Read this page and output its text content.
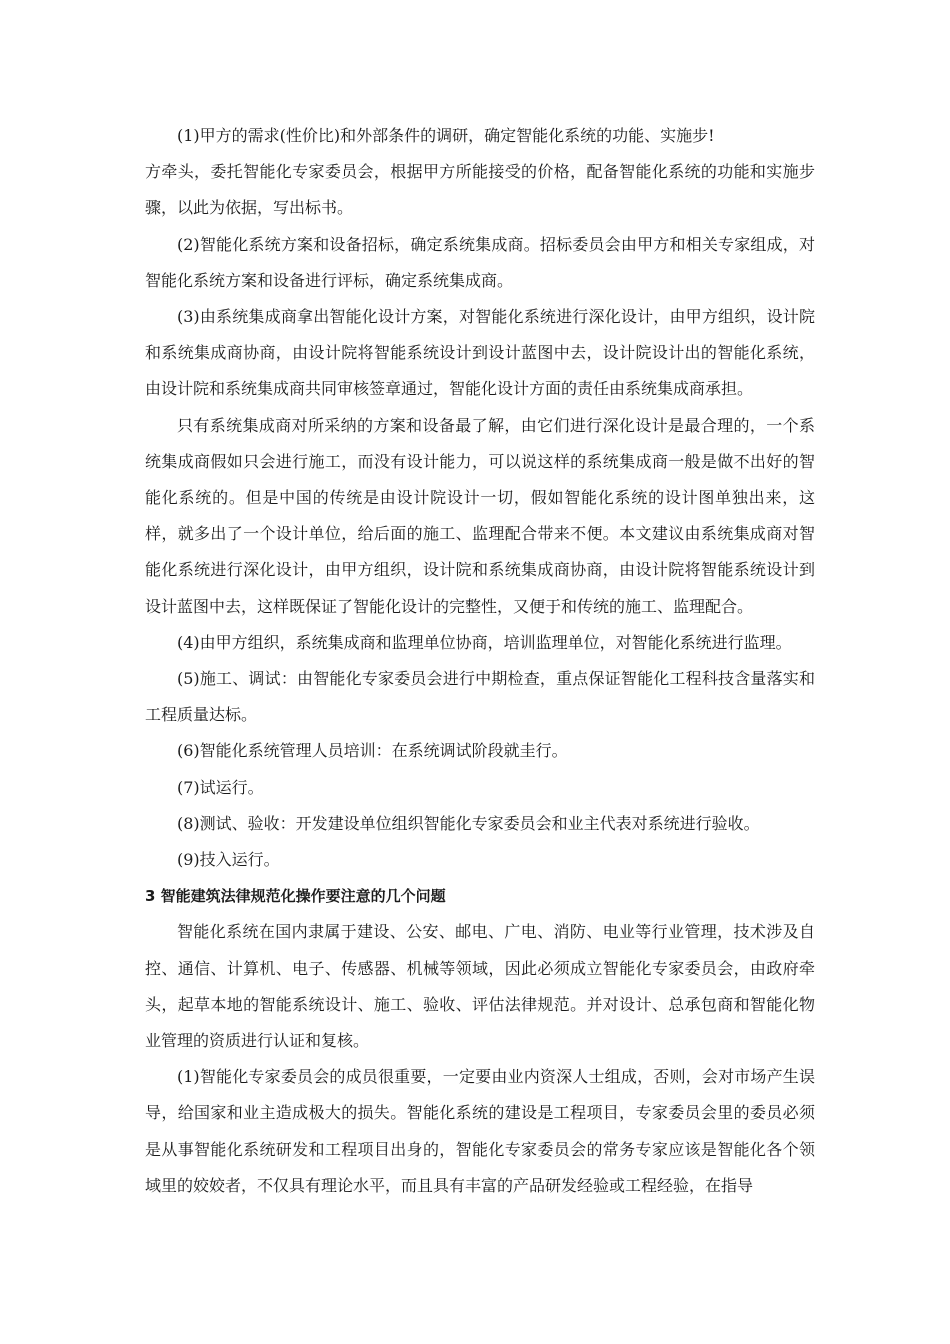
(1)甲方的需求(性价比)和外部条件的调研，确定智能化系统的功能、实施步!

方牵头，委托智能化专家委员会，根据甲方所能接受的价格，配备智能化系统的功能和实施步骤，以此为依据，写出标书。

(2)智能化系统方案和设备招标，确定系统集成商。招标委员会由甲方和相关专家组成，对智能化系统方案和设备进行评标，确定系统集成商。

(3)由系统集成商拿出智能化设计方案，对智能化系统进行深化设计，由甲方组织，设计院和系统集成商协商，由设计院将智能系统设计到设计蓝图中去，设计院设计出的智能化系统，由设计院和系统集成商共同审核签章通过，智能化设计方面的责任由系统集成商承担。

只有系统集成商对所采纳的方案和设备最了解，由它们进行深化设计是最合理的，一个系统集成商假如只会进行施工，而没有设计能力，可以说这样的系统集成商一般是做不出好的智能化系统的。但是中国的传统是由设计院设计一切，假如智能化系统的设计图单独出来，这样，就多出了一个设计单位，给后面的施工、监理配合带来不便。本文建议由系统集成商对智能化系统进行深化设计，由甲方组织，设计院和系统集成商协商，由设计院将智能系统设计到设计蓝图中去，这样既保证了智能化设计的完整性，又便于和传统的施工、监理配合。

(4)由甲方组织，系统集成商和监理单位协商，培训监理单位，对智能化系统进行监理。

(5)施工、调试：由智能化专家委员会进行中期检查，重点保证智能化工程科技含量落实和工程质量达标。

(6)智能化系统管理人员培训：在系统调试阶段就圭行。

(7)试运行。

(8)测试、验收：开发建设单位组织智能化专家委员会和业主代表对系统进行验收。

(9)技入运行。

3 智能建筑法律规范化操作要注意的几个问题

智能化系统在国内隶属于建设、公安、邮电、广电、消防、电业等行业管理，技术涉及自控、通信、计算机、电子、传感器、机械等领域，因此必须成立智能化专家委员会，由政府牵头，起草本地的智能系统设计、施工、验收、评估法律规范。并对设计、总承包商和智能化物业管理的资质进行认证和复核。

(1)智能化专家委员会的成员很重要，一定要由业内资深人士组成，否则，会对市场产生误导，给国家和业主造成极大的损失。智能化系统的建设是工程项目，专家委员会里的委员必须是从事智能化系统研发和工程项目出身的，智能化专家委员会的常务专家应该是智能化各个领域里的姣姣者，不仅具有理论水平，而且具有丰富的产品研发经验或工程经验，在指导
